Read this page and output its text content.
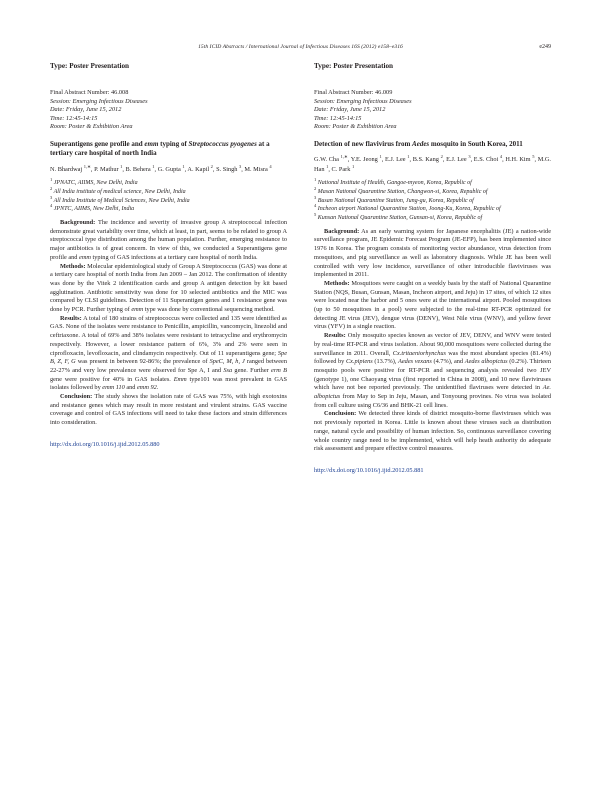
15th ICID Abstracts / International Journal of Infectious Diseases 16S (2012) e158–e316	e249
Type: Poster Presentation
Final Abstract Number: 46.008
Session: Emerging Infectious Diseases
Date: Friday, June 15, 2012
Time: 12:45-14:15
Room: Poster & Exhibition Area
Superantigens gene profile and emm typing of Streptococcus pyogenes at a tertiary care hospital of north India
N. Bhardwaj $^{1,∗}$, P. Mathur $^1$, B. Behera $^1$, G. Gupta $^1$, A. Kapil $^2$, S. Singh $^3$, M. Misra $^4$
$^1$ JPNATC, AIIMS, New Delhi, India
$^2$ All India institute of medical science, New Delhi, India
$^3$ All India Institute of Medical Sciences, New Delhi, India
$^4$ JPNTC, AIIMS, New Delhi, India

Background: The incidence and severity of invasive group A streptococcal infection demonstrate great variability over time, which at least, in part, seems to be related to group A streptococcal type distribution among the human population. Further, emerging resistance to major antibiotics is of great concern. In view of this, we conducted a Superantigens gene profile and emm typing of GAS infections at a tertiary care hospital of north India.

Methods: Molecular epidemiological study of Group A Streptococcus (GAS) was done at a tertiary care hospital of north India from Jan 2009 – Jan 2012. The confirmation of identity was done by the Vitek 2 identification cards and group A antigen detection by kit based agglutination. Antibiotic sensitivity was done for 10 selected antibiotics and the MIC was compared by CLSI guidelines. Detection of 11 Superantigen genes and 1 resistance gene was done by PCR. Further typing of emm type was done by conventional sequencing method.

Results: A total of 180 strains of streptococcus were collected and 135 were identified as GAS. None of the isolates were resistance to Penicillin, ampicillin, vancomycin, linezolid and ceftriaxone. A total of 69% and 38% isolates were resistant to tetracycline and erythromycin respectively. However, a lower resistance pattern of 6%, 3% and 2% were seen in ciprofloxacin, levofloxacin, and clindamycin respectively. Out of 11 superantigens gene; Spe B, Z, F, G was present in between 92-86%; the prevalence of SpeC, M, h, J ranged between 22-27% and very low prevalence were observed for Spe A, I and Ssa gene. Further erm B gene were positive for 40% in GAS isolates. Emm type101 was most prevalent in GAS isolates followed by emm 110 and emm 92.

Conclusion: The study shows the isolation rate of GAS was 75%, with high exotoxins and resistance genes which may result in more resistant and virulent strains. GAS vaccine coverage and control of GAS infections will need to take these factors and strain differences into consideration.

http://dx.doi.org/10.1016/j.ijid.2012.05.880
Type: Poster Presentation
Final Abstract Number: 46.009
Session: Emerging Infectious Diseases
Date: Friday, June 15, 2012
Time: 12:45-14:15
Room: Poster & Exhibition Area
Detection of new flavivirus from Aedes mosquito in South Korea, 2011
G.W. Cha $^{1,∗}$, Y.E. Jeong $^1$, E.J. Lee $^1$, B.S. Kang $^2$, E.J. Lee $^3$, E.S. Choi $^4$, H.H. Kim $^5$, M.G. Han $^1$, C. Park $^1$
$^1$ National Institute of Health, Gangoe-myeon, Korea, Republic of
$^2$ Masan National Quarantine Station, Changwon-si, Korea, Republic of
$^3$ Busan National Quarantine Station, Jung-gu, Korea, Republic of
$^4$ Incheon airport National Quarantine Station, Joong-Ku, Korea, Republic of
$^5$ Kunsan National Quarantine Station, Gunsan-si, Korea, Republic of

Background: As an early warning system for Japanese encephalitis (JE) a nation-wide surveillance program, JE Epidemic Forecast Program (JE-EFP), has been implemented since 1976 in Korea. The program consists of monitoring vector abundance, virus detection from mosquitoes, and pig surveillance as well as laboratory diagnosis. While JE has been well controlled with very low incidence, surveillance of other introducible flaviviruses was implemented in 2011.

Methods: Mosquitoes were caught on a weekly basis by the staff of National Quarantine Station (NQS, Busan, Gunsan, Masan, Incheon airport, and Jeju) in 17 sites, of which 12 sites were located near the harbor and 5 ones were at the international airport. Pooled mosquitoes (up to 50 mosquitoes in a pool) were subjected to the real-time RT-PCR optimized for detecting JE virus (JEV), dengue virus (DENV), West Nile virus (WNV), and yellow fever virus (YFV) in a single reaction.

Results: Only mosquito species known as vector of JEV, DENV, and WNV were tested by real-time RT-PCR and virus isolation. About 90,000 mosquitoes were collected during the surveillance in 2011. Overall, Cx.tritaeniorhynchus was the most abundant species (81.4%) followed by Cx.pipiens (13.7%), Aedes vexans (4.7%), and Aedes albopictus (0.2%). Thirteen mosquito pools were positive for RT-PCR and sequencing analysis revealed two JEV (genotype 1), one Chaoyang virus (first reported in China in 2008), and 10 new flaviviruses which have not bee reported previously. The unidentified flaviruses were detected in Ae. albopictus from May to Sep in Jeju, Masan, and Tonyoung provines. No virus was isolated from cell culture using C6/36 and BHK-21 cell lines.

Conclusion: We detected three kinds of district mosquito-borne flaviviruses which was not previously reported in Korea. Little is known about these viruses such as distribution range, natural cycle and possibility of human infection. So, continuous surveillance covering whole country range need to be implemented, which will help heath authority do adequate risk assessment and prepare effective control measures.

http://dx.doi.org/10.1016/j.ijid.2012.05.881
